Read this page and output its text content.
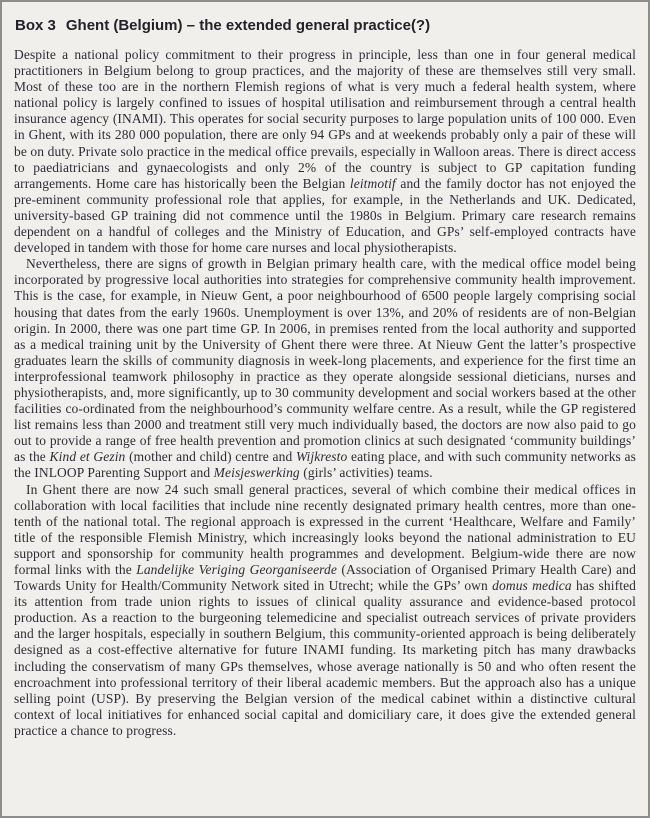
Box 3 Ghent (Belgium) – the extended general practice(?)

Despite a national policy commitment to their progress in principle, less than one in four general medical practitioners in Belgium belong to group practices, and the majority of these are themselves still very small. Most of these too are in the northern Flemish regions of what is very much a federal health system, where national policy is largely confined to issues of hospital utilisation and reimbursement through a central health insurance agency (INAMI). This operates for social security purposes to large population units of 100 000. Even in Ghent, with its 280 000 population, there are only 94 GPs and at weekends probably only a pair of these will be on duty. Private solo practice in the medical office prevails, especially in Walloon areas. There is direct access to paediatricians and gynaecologists and only 2% of the country is subject to GP capitation funding arrangements. Home care has historically been the Belgian leitmotif and the family doctor has not enjoyed the pre-eminent community professional role that applies, for example, in the Netherlands and UK. Dedicated, university-based GP training did not commence until the 1980s in Belgium. Primary care research remains dependent on a handful of colleges and the Ministry of Education, and GPs’ self-employed contracts have developed in tandem with those for home care nurses and local physiotherapists.

Nevertheless, there are signs of growth in Belgian primary health care, with the medical office model being incorporated by progressive local authorities into strategies for comprehensive community health improvement. This is the case, for example, in Nieuw Gent, a poor neighbourhood of 6500 people largely comprising social housing that dates from the early 1960s. Unemployment is over 13%, and 20% of residents are of non-Belgian origin. In 2000, there was one part time GP. In 2006, in premises rented from the local authority and supported as a medical training unit by the University of Ghent there were three. At Nieuw Gent the latter’s prospective graduates learn the skills of community diagnosis in week-long placements, and experience for the first time an interprofessional teamwork philosophy in practice as they operate alongside sessional dieticians, nurses and physiotherapists, and, more significantly, up to 30 community development and social workers based at the other facilities co-ordinated from the neighbourhood’s community welfare centre. As a result, while the GP registered list remains less than 2000 and treatment still very much individually based, the doctors are now also paid to go out to provide a range of free health prevention and promotion clinics at such designated ‘community buildings’ as the Kind et Gezin (mother and child) centre and Wijkresto eating place, and with such community networks as the INLOOP Parenting Support and Meisjeswerking (girls’ activities) teams.

In Ghent there are now 24 such small general practices, several of which combine their medical offices in collaboration with local facilities that include nine recently designated primary health centres, more than one-tenth of the national total. The regional approach is expressed in the current ‘Healthcare, Welfare and Family’ title of the responsible Flemish Ministry, which increasingly looks beyond the national administration to EU support and sponsorship for community health programmes and development. Belgium-wide there are now formal links with the Landelijke Veriging Georganiseerde (Association of Organised Primary Health Care) and Towards Unity for Health/Community Network sited in Utrecht; while the GPs’ own domus medica has shifted its attention from trade union rights to issues of clinical quality assurance and evidence-based protocol production. As a reaction to the burgeoning telemedicine and specialist outreach services of private providers and the larger hospitals, especially in southern Belgium, this community-oriented approach is being deliberately designed as a cost-effective alternative for future INAMI funding. Its marketing pitch has many drawbacks including the conservatism of many GPs themselves, whose average nationally is 50 and who often resent the encroachment into professional territory of their liberal academic members. But the approach also has a unique selling point (USP). By preserving the Belgian version of the medical cabinet within a distinctive cultural context of local initiatives for enhanced social capital and domiciliary care, it does give the extended general practice a chance to progress.
